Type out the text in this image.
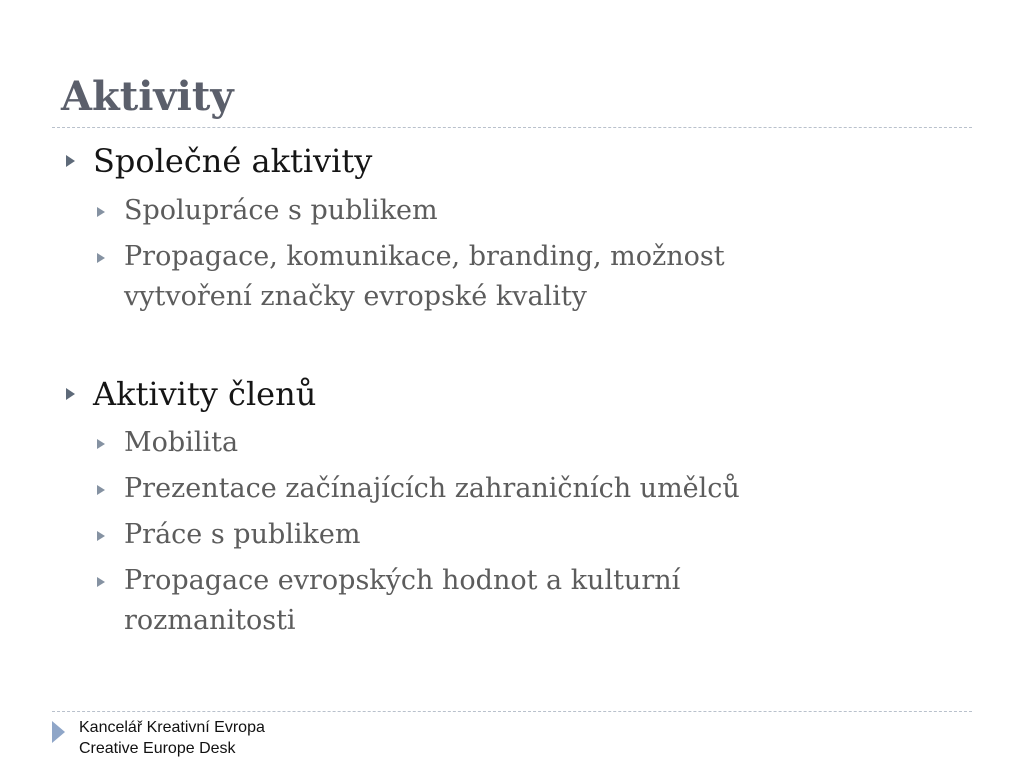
Aktivity

Společné aktivity

Spolupráce s publikem

Propagace, komunikace, branding, možnost vytvoření značky evropské kvality

Aktivity členů

Mobilita

Prezentace začínajících zahraničních umělců

Práce s publikem

Propagace evropských hodnot a kulturní rozmanitosti

Kancelář Kreativní Evropa

Creative Europe Desk
